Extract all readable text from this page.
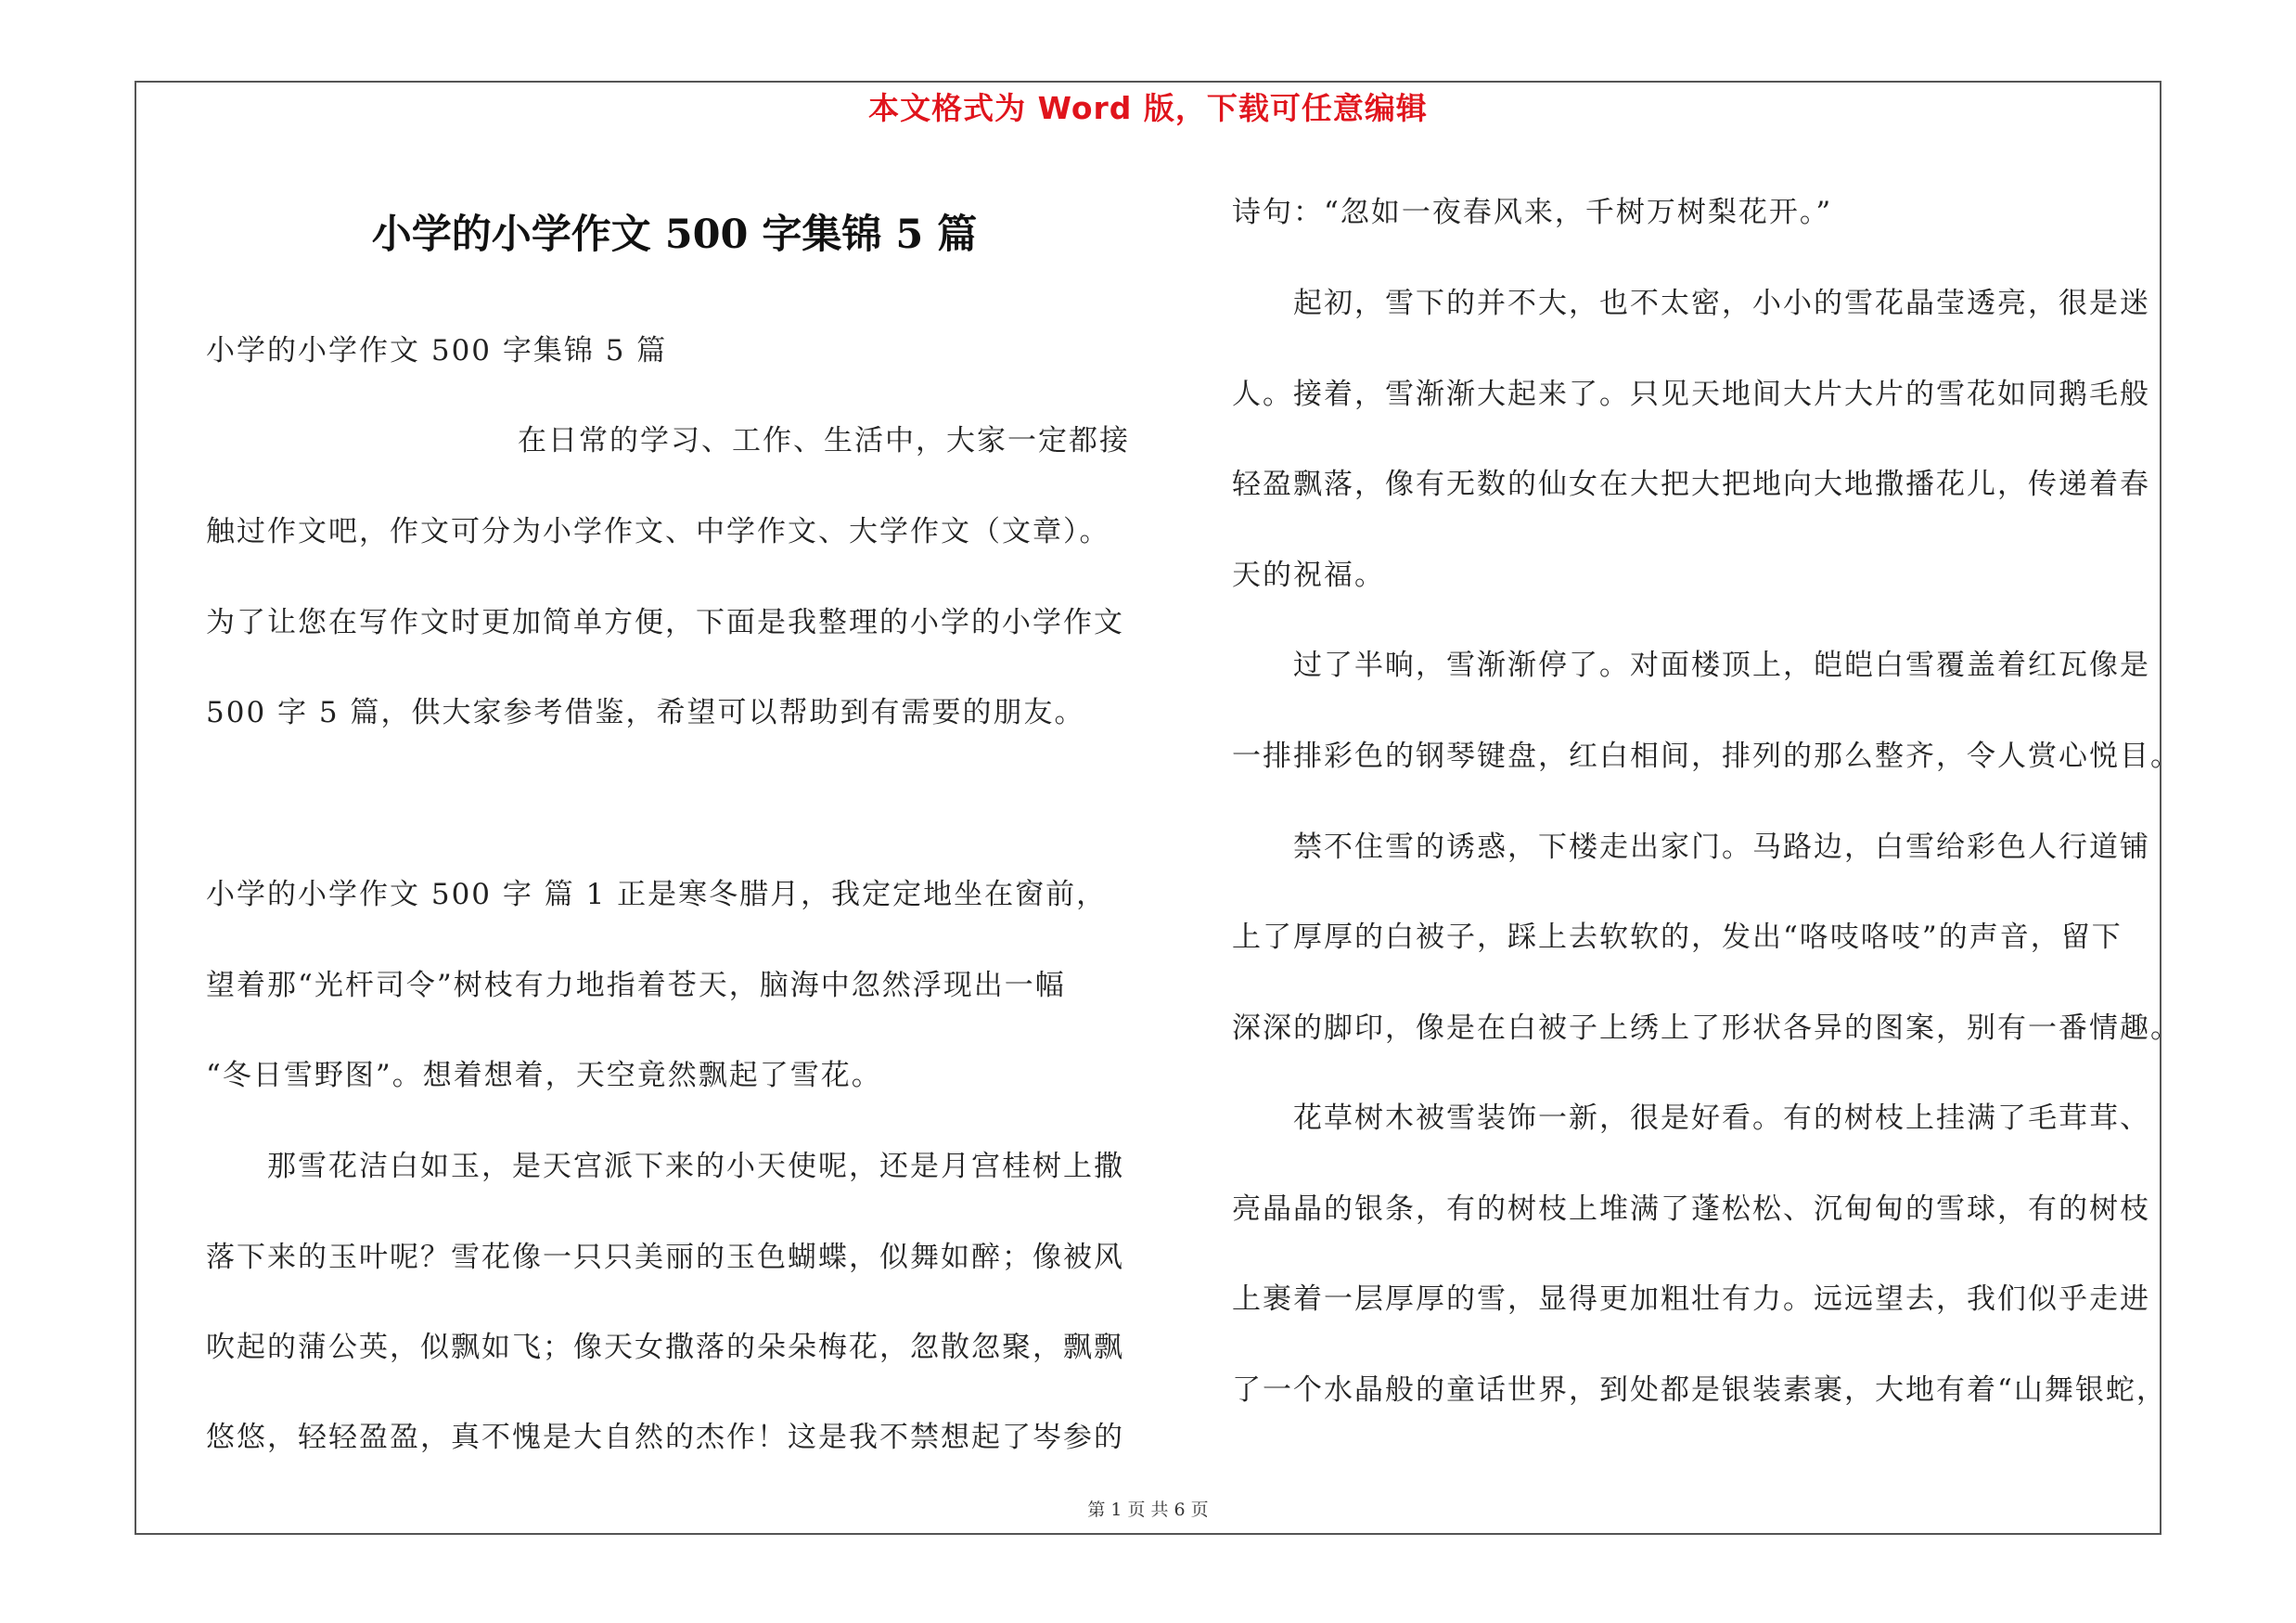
本文格式为 Word 版，下载可任意编辑
小学的小学作文 500 字集锦 5 篇
小学的小学作文 500 字集锦 5 篇
在日常的学习、工作、生活中，大家一定都接
触过作文吧，作文可分为小学作文、中学作文、大学作文（文章）。
为了让您在写作文时更加简单方便，下面是我整理的小学的小学作文
500 字 5 篇，供大家参考借鉴，希望可以帮助到有需要的朋友。
小学的小学作文 500 字 篇 1 正是寒冬腊月，我定定地坐在窗前，
望着那“光杆司令”树枝有力地指着苍天，脑海中忽然浮现出一幅
“冬日雪野图”。想着想着，天空竟然飘起了雪花。
那雪花洁白如玉，是天宫派下来的小天使呢，还是月宫桂树上撒
落下来的玉叶呢？雪花像一只只美丽的玉色蝴蝶，似舞如醉；像被风
吹起的蒲公英，似飘如飞；像天女撒落的朵朵梅花，忽散忽聚，飘飘
悠悠，轻轻盈盈，真不愧是大自然的杰作！这是我不禁想起了岑参的
诗句：“忽如一夜春风来，千树万树梨花开。”
起初，雪下的并不大，也不太密，小小的雪花晶莹透亮，很是迷
人。接着，雪渐渐大起来了。只见天地间大片大片的雪花如同鹅毛般
轻盈飘落，像有无数的仙女在大把大把地向大地撒播花儿，传递着春
天的祝福。
过了半晌，雪渐渐停了。对面楼顶上，皑皑白雪覆盖着红瓦像是
一排排彩色的钢琴键盘，红白相间，排列的那么整齐，令人赏心悦目。
禁不住雪的诱惑，下楼走出家门。马路边，白雪给彩色人行道铺
上了厚厚的白被子，踩上去软软的，发出“咯吱咯吱”的声音，留下
深深的脚印，像是在白被子上绣上了形状各异的图案，别有一番情趣。
花草树木被雪装饰一新，很是好看。有的树枝上挂满了毛茸茸、
亮晶晶的银条，有的树枝上堆满了蓬松松、沉甸甸的雪球，有的树枝
上裹着一层厚厚的雪，显得更加粗壮有力。远远望去，我们似乎走进
了一个水晶般的童话世界，到处都是银装素裹，大地有着“山舞银蛇，
第 1 页 共 6 页
